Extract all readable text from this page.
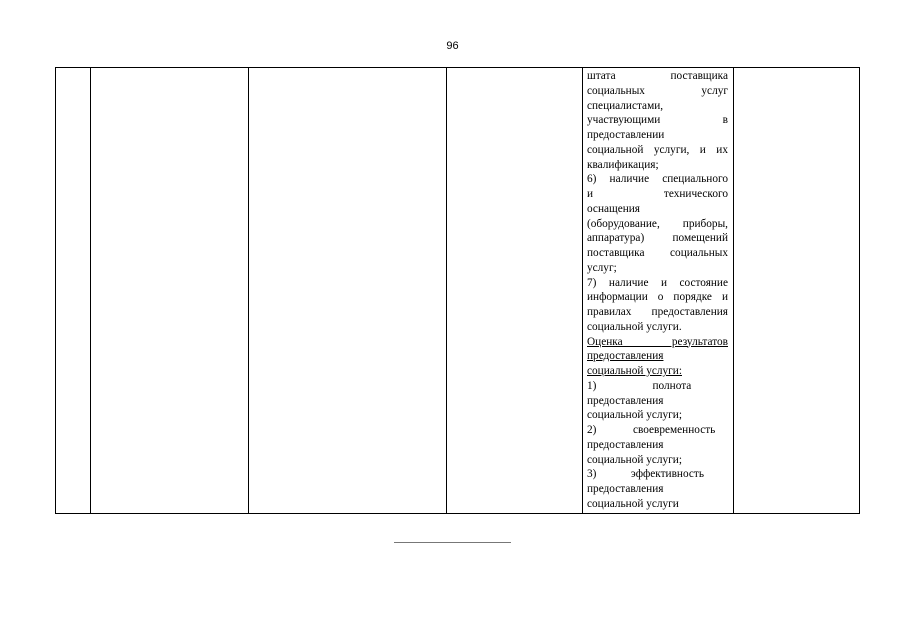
96

штата поставщика
социальных услуг
специалистами,
участвующими в
предоставлении
социальной услуги, и их
квалификация;
6) наличие специального
и технического
оснащения
(оборудование, приборы,
аппаратура) помещений
поставщика социальных
услуг;
7) наличие и состояние
информации о порядке и
правилах предоставления
социальной услуги.
Оценка результатов
предоставления
социальной услуги:
1) полнота
предоставления
социальной услуги;
2) своевременность
предоставления
социальной услуги;
3) эффективность
предоставления
социальной услуги
